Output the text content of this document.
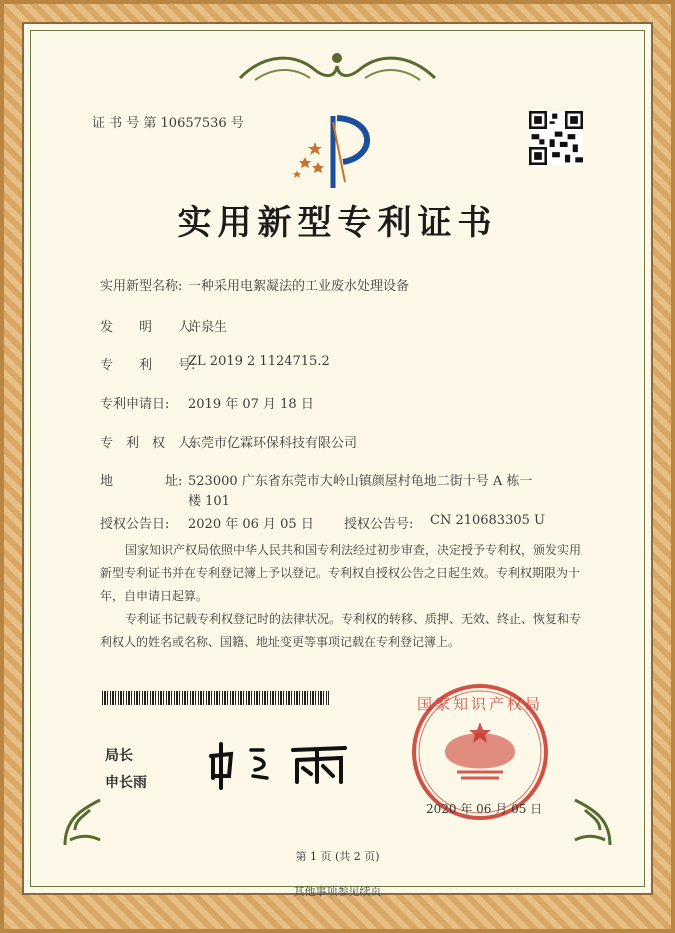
证 书 号 第 10657536 号
实用新型专利证书
实用新型名称: 一种采用电絮凝法的工业废水处理设备
发　　明　　人:
许泉生
专　　利　　号:
ZL 2019 2 1124715.2
专利申请日: 2019 年 07 月 18 日
专　利　权　人:
东莞市亿霖环保科技有限公司
地　　　　址: 523000 广东省东莞市大岭山镇颜屋村龟地二街十号 A 栋一
楼 101
授权公告日: 2020 年 06 月 05 日 授权公告号: CN 210683305 U
国家知识产权局依照中华人民共和国专利法经过初步审查，决定授予专利权，颁发实用
新型专利证书并在专利登记簿上予以登记。专利权自授权公告之日起生效。专利权期限为十
年，自申请日起算。
专利证书记载专利权登记时的法律状况。专利权的转移、质押、无效、终止、恢复和专
利权人的姓名或名称、国籍、地址变更等事项记载在专利登记簿上。
局长
申长雨
国家知识产权局
2020 年 06 月 05 日
第 1 页 (共 2 页)
其他事项参见续页
